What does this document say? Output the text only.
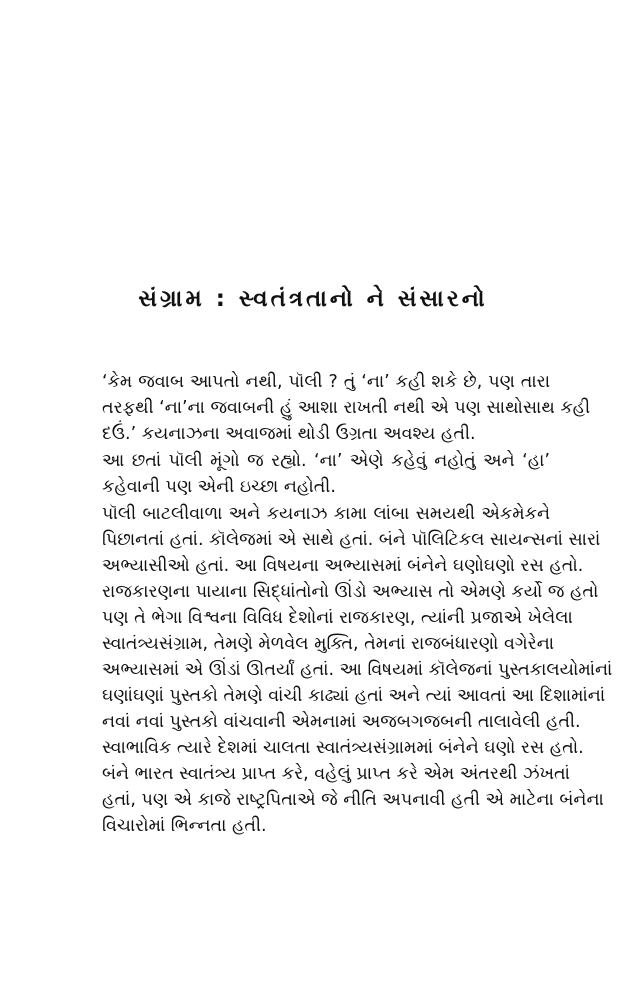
સંગ્રામ : સ્વતંત્રતાનો ને સંસારનો

‘કેમ જવાબ આપતો નથી, પૉલી ? તું ‘ના’ કહી શકે છે, પણ તારા
તરફથી ‘ના’ના જવાબની હું આશા રાખતી નથી એ પણ સાથોસાથ કહી
દઉં.’ કયનાઝના અવાજમાં થોડી ઉગ્રતા અવશ્ય હતી.

આ છતાં પૉલી મૂંગો જ રહ્યો. ‘ના’ એણે કહેવું નહોતું અને ‘હા’
કહેવાની પણ એની ઇચ્છા નહોતી.

પૉલી બાટલીવાળા અને કયનાઝ કામા લાંબા સમયથી એકમેકને
પિછાનતાં હતાં. કૉલેજમાં એ સાથે હતાં. બંને પૉલિટિકલ સાયન્સનાં સારાં
અભ્યાસીઓ હતાં. આ વિષયના અભ્યાસમાં બંનેને ઘણોઘણો રસ હતો.
રાજકારણના પાયાના સિદ્ધાંતોનો ઊંડો અભ્યાસ તો એમણે કર્યો જ હતો
પણ તે ભેગા વિશ્વના વિવિધ દેશોનાં રાજકારણ, ત્યાંની પ્રજાએ ખેલેલા
સ્વાતંત્ર્યસંગ્રામ, તેમણે મેળવેલ મુક્તિ, તેમનાં રાજબંધારણો વગેરેના
અભ્યાસમાં એ ઊંડાં ઊતર્યાં હતાં. આ વિષયમાં કૉલેજનાં પુસ્તકાલયોમાંનાં
ઘણાંઘણાં પુસ્તકો તેમણે વાંચી કાઢ્યાં હતાં અને ત્યાં આવતાં આ દિશામાંનાં
નવાં નવાં પુસ્તકો વાંચવાની એમનામાં અજબગજબની તાલાવેલી હતી.
સ્વાભાવિક ત્યારે દેશમાં ચાલતા સ્વાતંત્ર્યસંગ્રામમાં બંનેને ઘણો રસ હતો.
બંને ભારત સ્વાતંત્ર્ય પ્રાપ્ત કરે, વહેલું પ્રાપ્ત કરે એમ અંતરથી ઝંખતાં
હતાં, પણ એ કાજે રાષ્ટ્રપિતાએ જે નીતિ અપનાવી હતી એ માટેના બંનેના
વિચારોમાં ભિન્નતા હતી.
